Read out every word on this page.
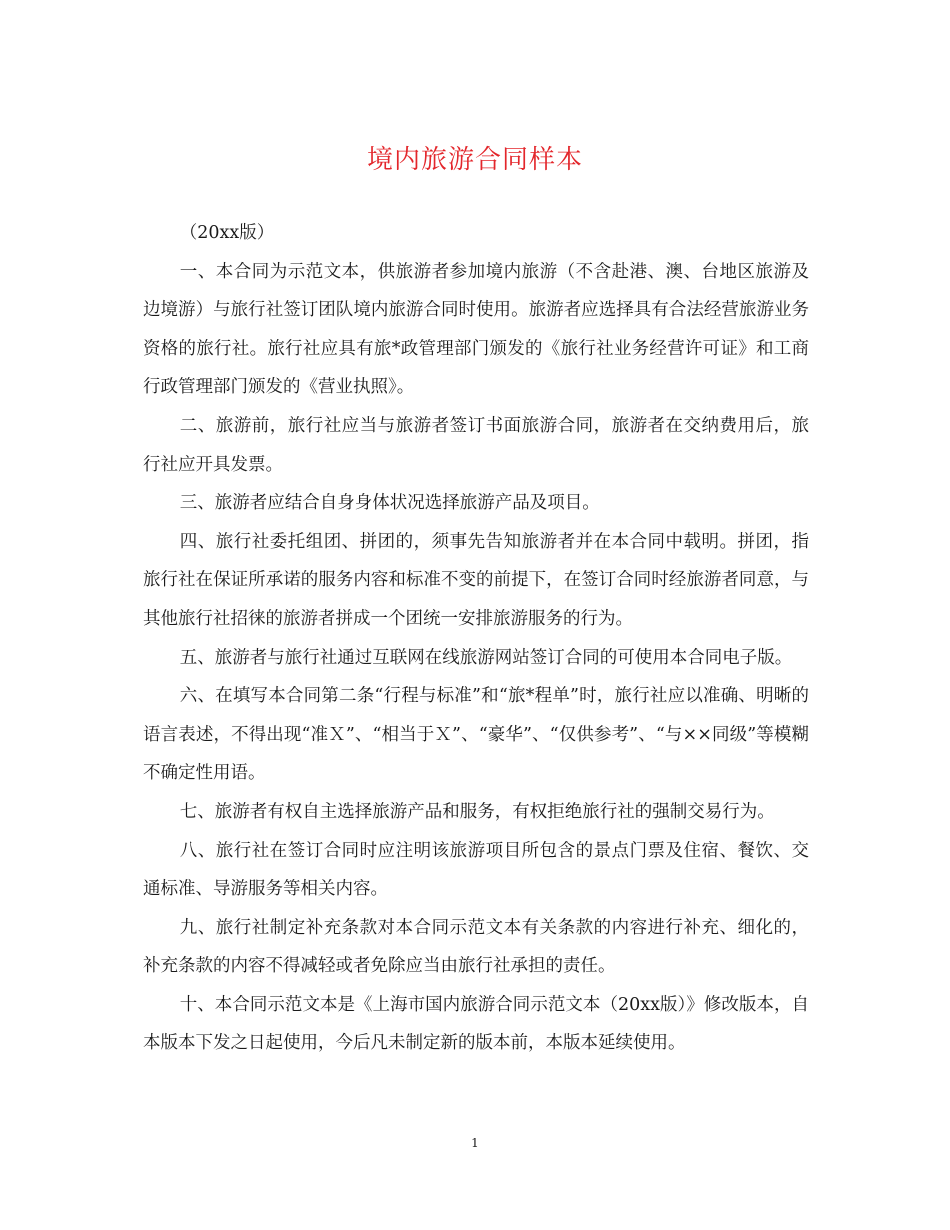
境内旅游合同样本

（20xx版）

一、本合同为示范文本，供旅游者参加境内旅游（不含赴港、澳、台地区旅游及边境游）与旅行社签订团队境内旅游合同时使用。旅游者应选择具有合法经营旅游业务资格的旅行社。旅行社应具有旅*政管理部门颁发的《旅行社业务经营许可证》和工商行政管理部门颁发的《营业执照》。

二、旅游前，旅行社应当与旅游者签订书面旅游合同，旅游者在交纳费用后，旅行社应开具发票。

三、旅游者应结合自身身体状况选择旅游产品及项目。

四、旅行社委托组团、拼团的，须事先告知旅游者并在本合同中载明。拼团，指旅行社在保证所承诺的服务内容和标准不变的前提下，在签订合同时经旅游者同意，与其他旅行社招徕的旅游者拼成一个团统一安排旅游服务的行为。

五、旅游者与旅行社通过互联网在线旅游网站签订合同的可使用本合同电子版。

六、在填写本合同第二条“行程与标准”和“旅*程单”时，旅行社应以准确、明晰的语言表述，不得出现“准Ｘ”、“相当于Ｘ”、“豪华”、“仅供参考”、“与××同级”等模糊不确定性用语。

七、旅游者有权自主选择旅游产品和服务，有权拒绝旅行社的强制交易行为。

八、旅行社在签订合同时应注明该旅游项目所包含的景点门票及住宿、餐饮、交通标准、导游服务等相关内容。

九、旅行社制定补充条款对本合同示范文本有关条款的内容进行补充、细化的，补充条款的内容不得减轻或者免除应当由旅行社承担的责任。

十、本合同示范文本是《上海市国内旅游合同示范文本（20xx版）》修改版本，自本版本下发之日起使用，今后凡未制定新的版本前，本版本延续使用。

1
